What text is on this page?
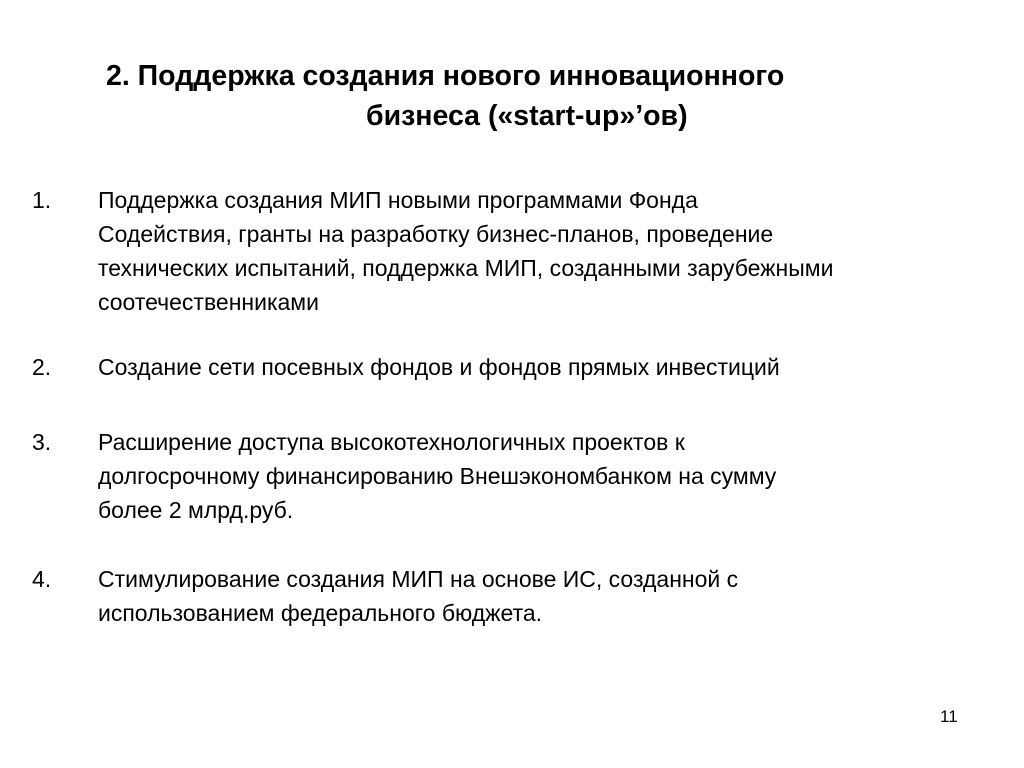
2. Поддержка создания нового инновационного
бизнеса («start-up»’ов)
1. Поддержка создания МИП новыми программами Фонда
Содействия, гранты на разработку бизнес-планов, проведение
технических испытаний, поддержка МИП, созданными зарубежными
соотечественниками
2. Создание сети посевных фондов и фондов прямых инвестиций
3. Расширение доступа высокотехнологичных проектов к
долгосрочному финансированию Внешэкономбанком на сумму
более 2 млрд.руб.
4. Стимулирование создания МИП на основе ИС, созданной с
использованием федерального бюджета.
11
